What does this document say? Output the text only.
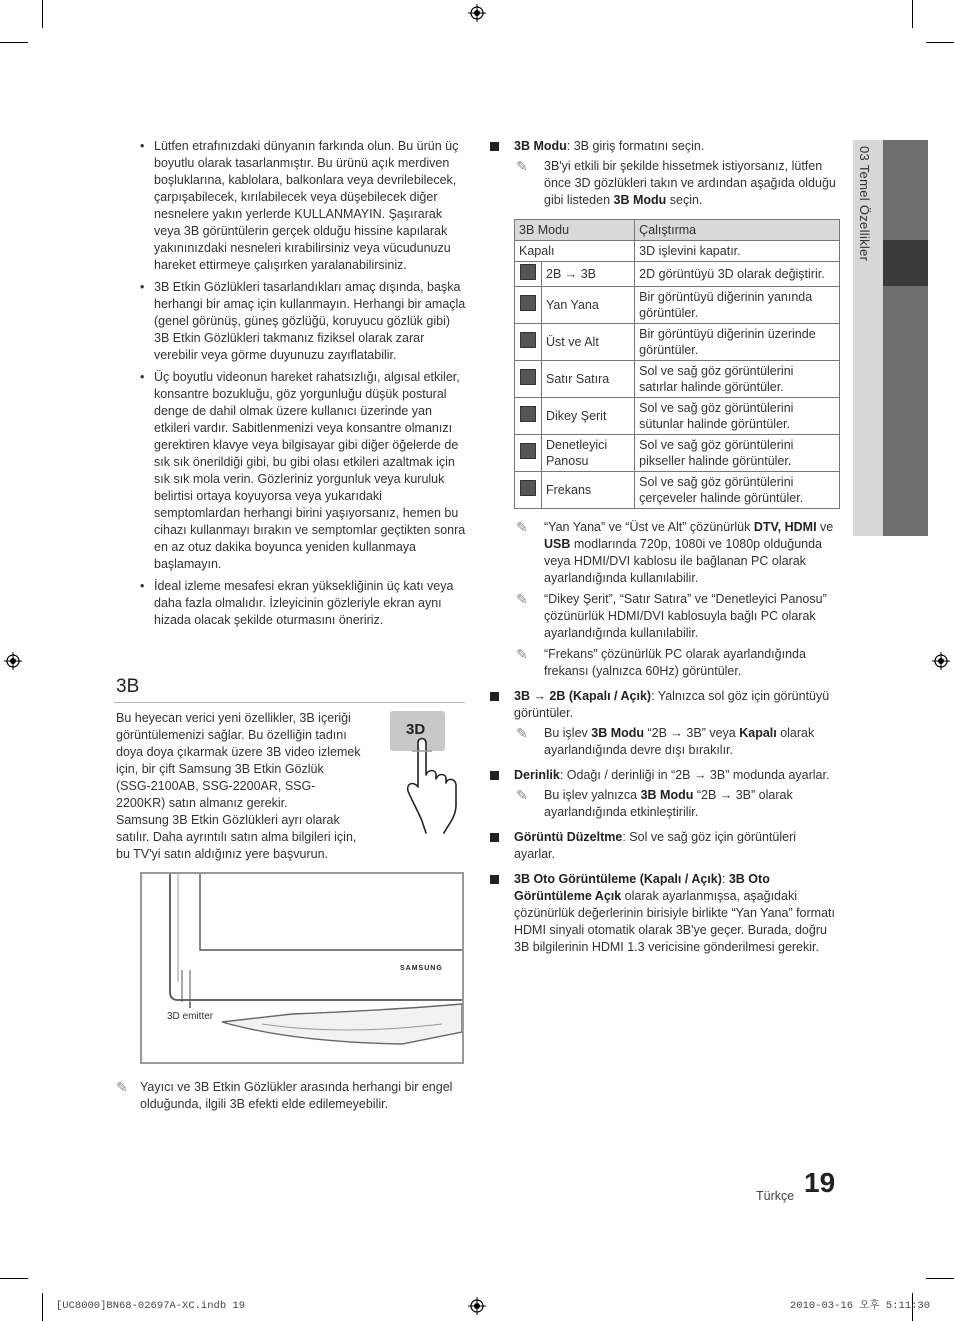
• Lütfen etrafınızdaki dünyanın farkında olun. Bu ürün üç boyutlu olarak tasarlanmıştır. Bu ürünü açık merdiven boşluklarına, kablolara, balkonlara veya devrilebilecek, çarpışabilecek, kırılabilecek veya düşebilecek diğer nesnelere yakın yerlerde KULLANMAYIN. Şaşırarak veya 3B görüntülerin gerçek olduğu hissine kapılarak yakınınızdaki nesneleri kırabilirsiniz veya vücudunuzu hareket ettirmeye çalışırken yaralanabilirsiniz.
• 3B Etkin Gözlükleri tasarlandıkları amaç dışında, başka herhangi bir amaç için kullanmayın. Herhangi bir amaçla (genel görünüş, güneş gözlüğü, koruyucu gözlük gibi) 3B Etkin Gözlükleri takmanız fiziksel olarak zarar verebilir veya görme duyunuzu zayıflatabilir.
• Üç boyutlu videonun hareket rahatsızlığı, algısal etkiler, konsantre bozukluğu, göz yorgunluğu düşük postural denge de dahil olmak üzere kullanıcı üzerinde yan etkileri vardır. Sabitlenmenizi veya konsantre olmanızı gerektiren klavye veya bilgisayar gibi diğer öğelerde de sık sık önerildiği gibi, bu gibi olası etkileri azaltmak için sık sık mola verin. Gözleriniz yorgunluk veya kuruluk belirtisi ortaya koyuyorsa veya yukarıdaki semptomlardan herhangi birini yaşıyorsanız, hemen bu cihazı kullanmayı bırakın ve semptomlar geçtikten sonra en az otuz dakika boyunca yeniden kullanmaya başlamayın.
• İdeal izleme mesafesi ekran yüksekliğinin üç katı veya daha fazla olmalıdır. İzleyicinin gözleriyle ekran aynı hizada olacak şekilde oturmasını öneririz.
3B

Bu heyecan verici yeni özellikler, 3B içeriği görüntülemenizi sağlar. Bu özelliğin tadını doya doya çıkarmak üzere 3B video izlemek için, bir çift Samsung 3B Etkin Gözlük (SSG-2100AB, SSG-2200AR, SSG-2200KR) satın almanız gerekir.

Samsung 3B Etkin Gözlükleri ayrı olarak satılır. Daha ayrıntılı satın alma bilgileri için, bu TV'yi satın aldığınız yere başvurun.

3D
SAMSUNG
3D emitter
✎ Yayıcı ve 3B Etkin Gözlükler arasında herhangi bir engel olduğunda, ilgili 3B efekti elde edilemeyebilir.
3B Modu: 3B giriş formatını seçin.
✎ 3B'yi etkili bir şekilde hissetmek istiyorsanız, lütfen önce 3D gözlükleri takın ve ardından aşağıda olduğu gibi listeden 3B Modu seçin.
3B Modu		Çalıştırma
Kapalı		3D işlevini kapatır.
	2B → 3B	2D görüntüyü 3D olarak değiştirir.
	Yan Yana	Bir görüntüyü diğerinin yanında görüntüler.
	Üst ve Alt	Bir görüntüyü diğerinin üzerinde görüntüler.
	Satır Satıra	Sol ve sağ göz görüntülerini satırlar halinde görüntüler.
	Dikey Şerit	Sol ve sağ göz görüntülerini sütunlar halinde görüntüler.
	Denetleyici Panosu	Sol ve sağ göz görüntülerini pikseller halinde görüntüler.
	Frekans	Sol ve sağ göz görüntülerini çerçeveler halinde görüntüler.
✎ “Yan Yana” ve “Üst ve Alt” çözünürlük DTV, HDMI ve USB modlarında 720p, 1080i ve 1080p olduğunda veya HDMI/DVI kablosu ile bağlanan PC olarak ayarlandığında kullanılabilir.
✎ “Dikey Şerit”, “Satır Satıra” ve “Denetleyici Panosu” çözünürlük HDMI/DVI kablosuyla bağlı PC olarak ayarlandığında kullanılabilir.
✎ “Frekans” çözünürlük PC olarak ayarlandığında frekansı (yalnızca 60Hz) görüntüler.
3B → 2B (Kapalı / Açık): Yalnızca sol göz için görüntüyü görüntüler.
✎ Bu işlev 3B Modu “2B → 3B” veya Kapalı olarak ayarlandığında devre dışı bırakılır.
Derinlik: Odağı / derinliği in “2B → 3B” modunda ayarlar.
✎ Bu işlev yalnızca 3B Modu “2B → 3B” olarak ayarlandığında etkinleştirilir.
Görüntü Düzeltme: Sol ve sağ göz için görüntüleri ayarlar.
3B Oto Görüntüleme (Kapalı / Açık): 3B Oto Görüntüleme Açık olarak ayarlanmışsa, aşağıdaki çözünürlük değerlerinin birisiyle birlikte “Yan Yana” formatı HDMI sinyali otomatik olarak 3B'ye geçer. Burada, doğru 3B bilgilerinin HDMI 1.3 vericisine gönderilmesi gerekir.
03 Temel Özellikler
Türkçe 19
[UC8000]BN68-02697A-XC.indb 19	2010-03-16 오후 5:11:30
